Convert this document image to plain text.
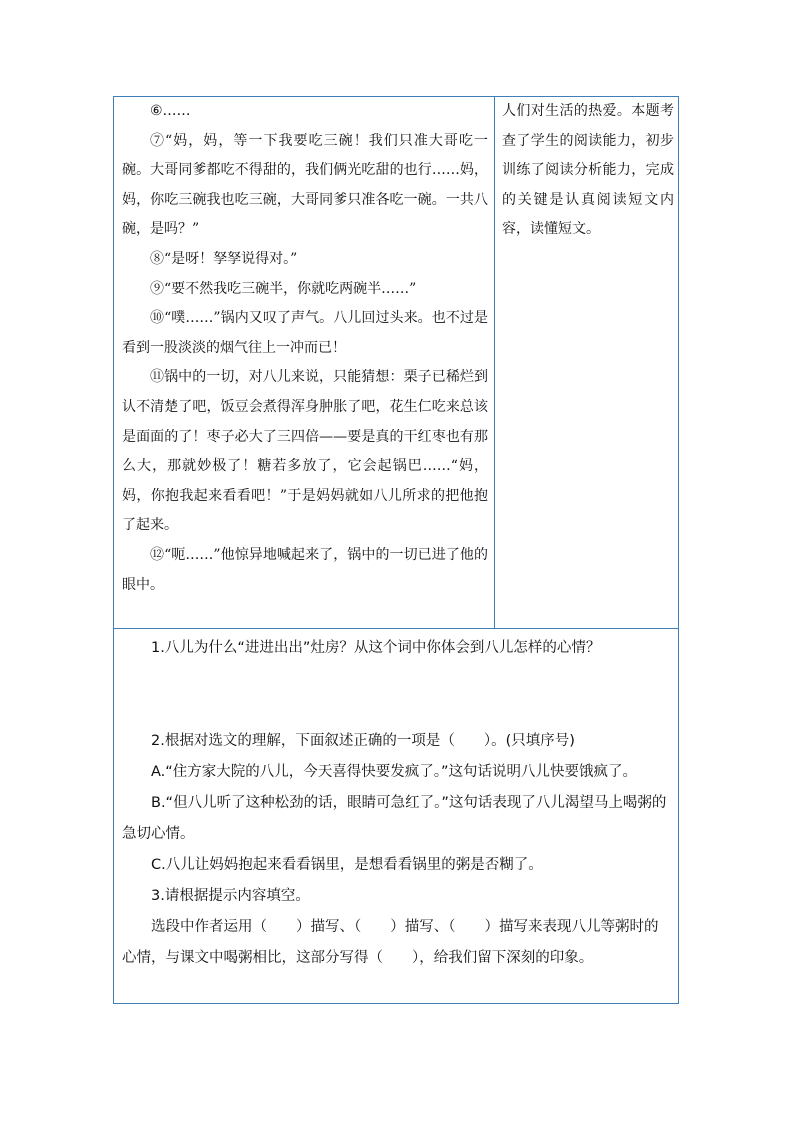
⑥……

⑦“妈，妈，等一下我要吃三碗！我们只准大哥吃一碗。大哥同爹都吃不得甜的，我们俩光吃甜的也行……妈，妈，你吃三碗我也吃三碗，大哥同爹只准各吃一碗。一共八碗，是吗？”

⑧“是呀！孥孥说得对。”

⑨“要不然我吃三碗半，你就吃两碗半……”

⑩“噗……”锅内又叹了声气。八儿回过头来。也不过是看到一股淡淡的烟气往上一冲而已！

⑪锅中的一切，对八儿来说，只能猜想：栗子已稀烂到认不清楚了吧，饭豆会煮得浑身肿胀了吧，花生仁吃来总该是面面的了！枣子必大了三四倍——要是真的干红枣也有那么大，那就妙极了！糖若多放了，它会起锅巴……“妈，妈，你抱我起来看看吧！”于是妈妈就如八儿所求的把他抱了起来。

⑫“呃……”他惊异地喊起来了，锅中的一切已进了他的眼中。

人们对生活的热爱。本题考查了学生的阅读能力，初步训练了阅读分析能力，完成的关键是认真阅读短文内容，读懂短文。

1.八儿为什么“进进出出”灶房？从这个词中你体会到八儿怎样的心情？

2.根据对选文的理解，下面叙述正确的一项是（　　）。(只填序号)

A.“住方家大院的八儿，今天喜得快要发疯了。”这句话说明八儿快要饿疯了。

B.“但八儿听了这种松劲的话，眼睛可急红了。”这句话表现了八儿渴望马上喝粥的急切心情。

C.八儿让妈妈抱起来看看锅里，是想看看锅里的粥是否糊了。

3.请根据提示内容填空。

选段中作者运用（　　）描写、（　　）描写、（　　）描写来表现八儿等粥时的心情，与课文中喝粥相比，这部分写得（　　），给我们留下深刻的印象。
